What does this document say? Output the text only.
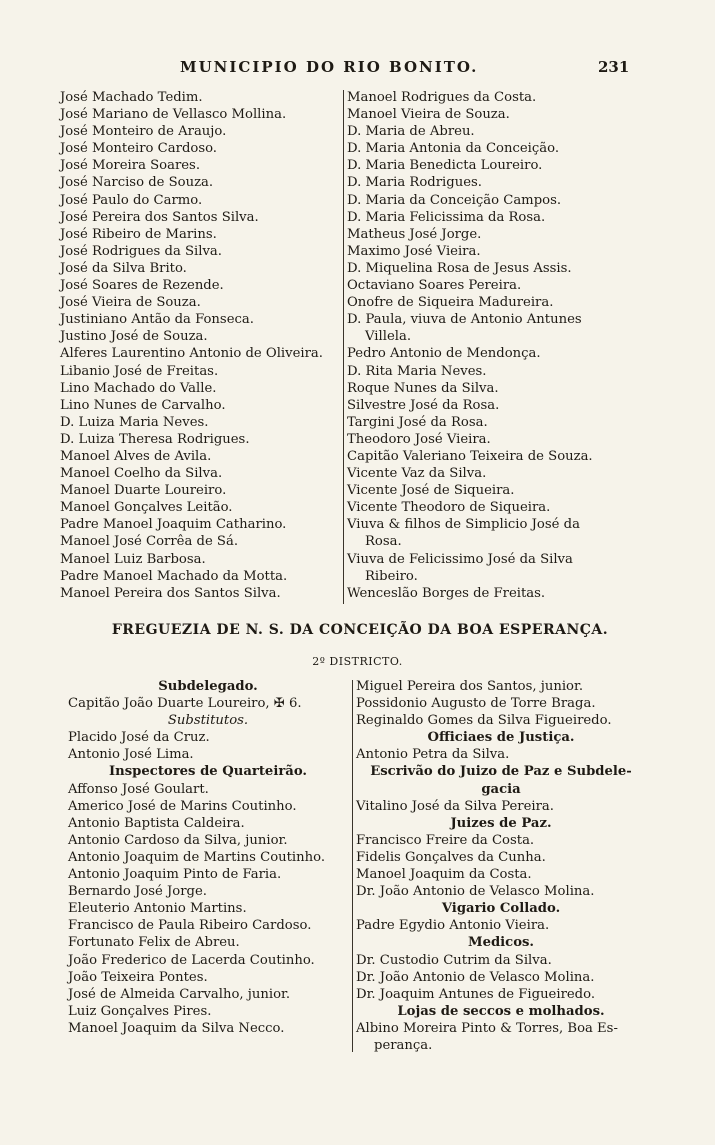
MUNICIPIO DO RIO BONITO.	231
José Machado Tedim.
José Mariano de Vellasco Mollina.
José Monteiro de Araujo.
José Monteiro Cardoso.
José Moreira Soares.
José Narciso de Souza.
José Paulo do Carmo.
José Pereira dos Santos Silva.
José Ribeiro de Marins.
José Rodrigues da Silva.
José da Silva Brito.
José Soares de Rezende.
José Vieira de Souza.
Justiniano Antão da Fonseca.
Justino José de Souza.
Alferes Laurentino Antonio de Oliveira.
Libanio José de Freitas.
Lino Machado do Valle.
Lino Nunes de Carvalho.
D. Luiza Maria Neves.
D. Luiza Theresa Rodrigues.
Manoel Alves de Avila.
Manoel Coelho da Silva.
Manoel Duarte Loureiro.
Manoel Gonçalves Leitão.
Padre Manoel Joaquim Catharino.
Manoel José Corrêa de Sá.
Manoel Luiz Barbosa.
Padre Manoel Machado da Motta.
Manoel Pereira dos Santos Silva.
Manoel Rodrigues da Costa.
Manoel Vieira de Souza.
D. Maria de Abreu.
D. Maria Antonia da Conceição.
D. Maria Benedicta Loureiro.
D. Maria Rodrigues.
D. Maria da Conceição Campos.
D. Maria Felicissima da Rosa.
Matheus José Jorge.
Maximo José Vieira.
D. Miquelina Rosa de Jesus Assis.
Octaviano Soares Pereira.
Onofre de Siqueira Madureira.
D. Paula, viuva de Antonio Antunes
Villela.
Pedro Antonio de Mendonça.
D. Rita Maria Neves.
Roque Nunes da Silva.
Silvestre José da Rosa.
Targini José da Rosa.
Theodoro José Vieira.
Capitão Valeriano Teixeira de Souza.
Vicente Vaz da Silva.
Vicente José de Siqueira.
Vicente Theodoro de Siqueira.
Viuva & filhos de Simplicio José da
Rosa.
Viuva de Felicissimo José da Silva
Ribeiro.
Wenceslão Borges de Freitas.
FREGUEZIA DE N. S. DA CONCEIÇÃO DA BOA ESPERANÇA.
2º DISTRICTO.
Subdelegado.
Capitão João Duarte Loureiro, ✠ 6.
Substitutos.
Placido José da Cruz.
Antonio José Lima.
Inspectores de Quarteirão.
Affonso José Goulart.
Americo José de Marins Coutinho.
Antonio Baptista Caldeira.
Antonio Cardoso da Silva, junior.
Antonio Joaquim de Martins Coutinho.
Antonio Joaquim Pinto de Faria.
Bernardo José Jorge.
Eleuterio Antonio Martins.
Francisco de Paula Ribeiro Cardoso.
Fortunato Felix de Abreu.
João Frederico de Lacerda Coutinho.
João Teixeira Pontes.
José de Almeida Carvalho, junior.
Luiz Gonçalves Pires.
Manoel Joaquim da Silva Necco.
Miguel Pereira dos Santos, junior.
Possidonio Augusto de Torre Braga.
Reginaldo Gomes da Silva Figueiredo.
Officiaes de Justiça.
Antonio Petra da Silva.
Escrivão do Juizo de Paz e Subdele-
gacia
Vitalino José da Silva Pereira.
Juizes de Paz.
Francisco Freire da Costa.
Fidelis Gonçalves da Cunha.
Manoel Joaquim da Costa.
Dr. João Antonio de Velasco Molina.
Vigario Collado.
Padre Egydio Antonio Vieira.
Medicos.
Dr. Custodio Cutrim da Silva.
Dr. João Antonio de Velasco Molina.
Dr. Joaquim Antunes de Figueiredo.
Lojas de seccos e molhados.
Albino Moreira Pinto & Torres, Boa Es-
perança.
